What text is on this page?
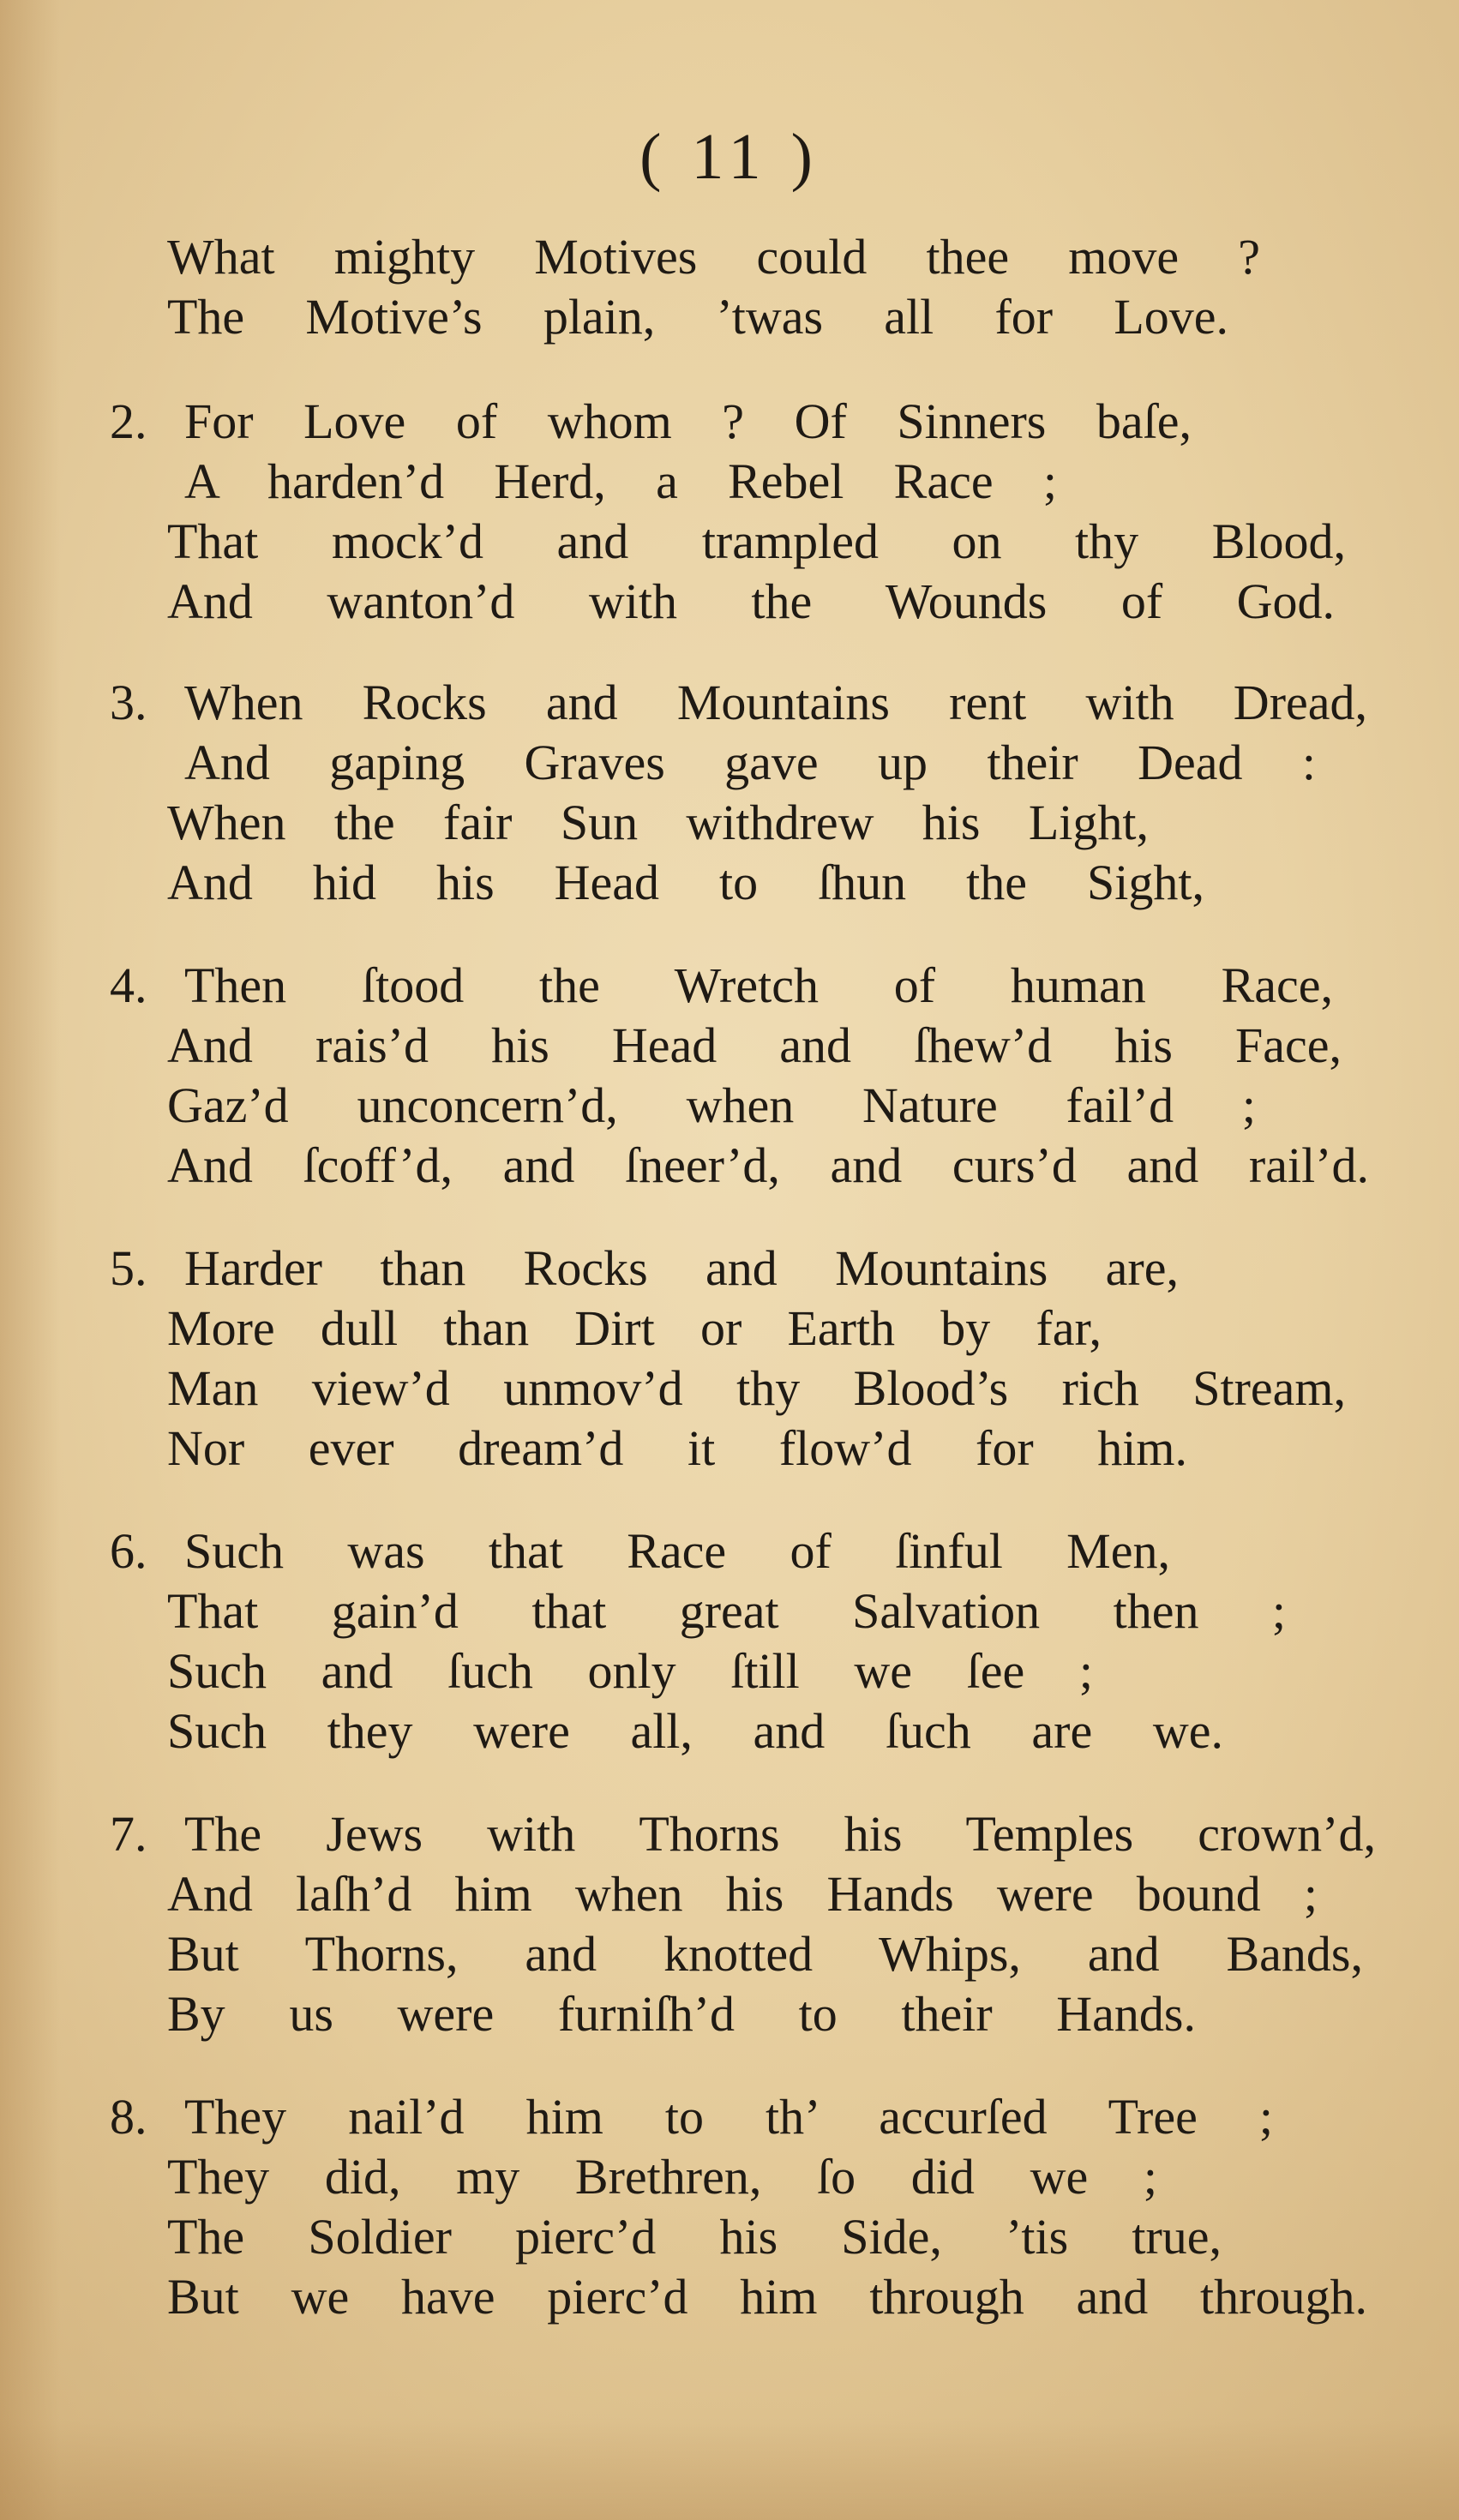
( 11 )
What mighty Motives could thee move ?
The Motive’s plain, ’twas all for Love.
2. For Love of whom ? Of Sinners baſe,
A harden’d Herd, a Rebel Race ;
That mock’d and trampled on thy Blood,
And wanton’d with the Wounds of God.
3. When Rocks and Mountains rent with Dread,
And gaping Graves gave up their Dead :
When the fair Sun withdrew his Light,
And hid his Head to ſhun the Sight,
4. Then ſtood the Wretch of human Race,
And rais’d his Head and ſhew’d his Face,
Gaz’d unconcern’d, when Nature fail’d ;
And ſcoff’d, and ſneer’d, and curs’d and rail’d.
5. Harder than Rocks and Mountains are,
More dull than Dirt or Earth by far,
Man view’d unmov’d thy Blood’s rich Stream,
Nor ever dream’d it flow’d for him.
6. Such was that Race of ſinful Men,
That gain’d that great Salvation then ;
Such and ſuch only ſtill we ſee ;
Such they were all, and ſuch are we.
7. The Jews with Thorns his Temples crown’d,
And laſh’d him when his Hands were bound ;
But Thorns, and knotted Whips, and Bands,
By us were furniſh’d to their Hands.
8. They nail’d him to th’ accurſed Tree ;
They did, my Brethren, ſo did we ;
The Soldier pierc’d his Side, ’tis true,
But we have pierc’d him through and through.
